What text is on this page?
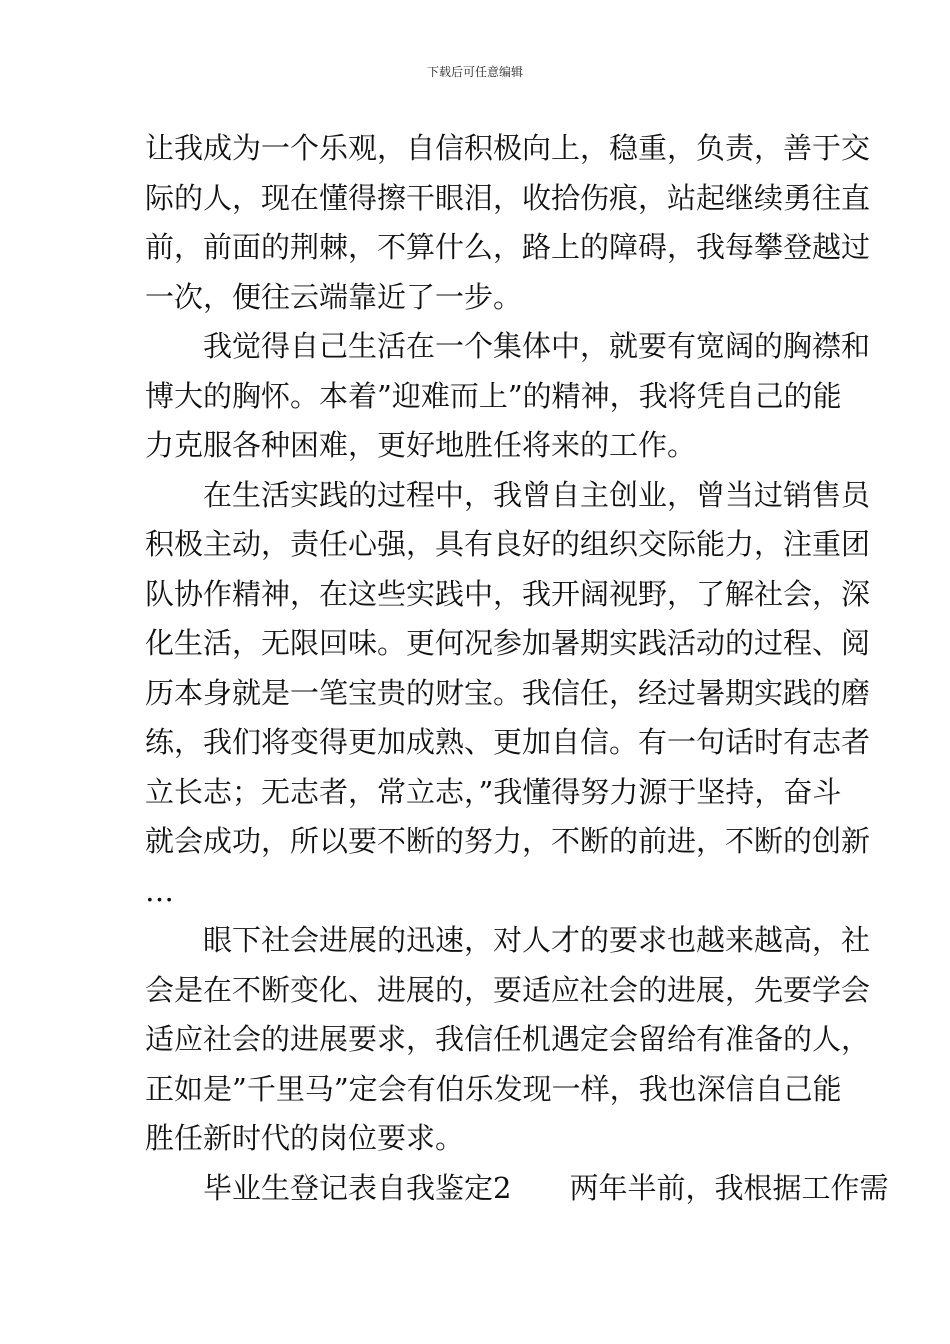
下载后可任意编辑
让我成为一个乐观，自信积极向上，稳重，负责，善于交
际的人，现在懂得擦干眼泪，收拾伤痕，站起继续勇往直
前，前面的荆棘，不算什么，路上的障碍，我每攀登越过
一次，便往云端靠近了一步。
　　我觉得自己生活在一个集体中，就要有宽阔的胸襟和
博大的胸怀。本着”迎难而上”的精神，我将凭自己的能
力克服各种困难，更好地胜任将来的工作。
　　在生活实践的过程中，我曾自主创业，曾当过销售员
积极主动，责任心强，具有良好的组织交际能力，注重团
队协作精神，在这些实践中，我开阔视野，了解社会，深
化生活，无限回味。更何况参加暑期实践活动的过程、阅
历本身就是一笔宝贵的财宝。我信任，经过暑期实践的磨
练，我们将变得更加成熟、更加自信。有一句话时有志者
立长志；无志者，常立志，”我懂得努力源于坚持，奋斗
就会成功，所以要不断的努力，不断的前进，不断的创新
…
　　眼下社会进展的迅速，对人才的要求也越来越高，社
会是在不断变化、进展的，要适应社会的进展，先要学会
适应社会的进展要求，我信任机遇定会留给有准备的人，
正如是”千里马”定会有伯乐发现一样，我也深信自己能
胜任新时代的岗位要求。
　　毕业生登记表自我鉴定2　　两年半前，我根据工作需
